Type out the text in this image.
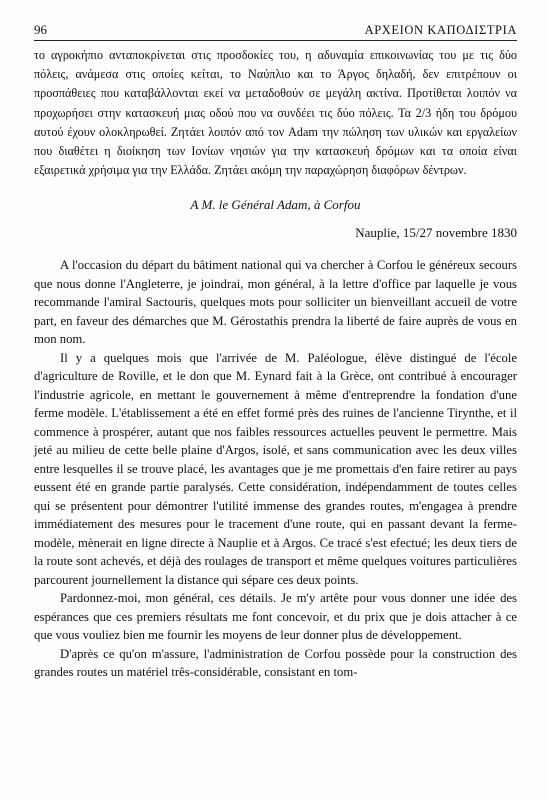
96	ΑΡΧΕΙΟΝ ΚΑΠΟΔΙΣΤΡΙΑ

το αγροκήπιο ανταποκρίνεται στις προσδοκίες του, η αδυναμία επικοινωνίας του με τις δύο πόλεις, ανάμεσα στις οποίες κείται, το Ναύπλιο και το Άργος δηλαδή, δεν επιτρέπουν οι προσπάθειες που καταβάλλονται εκεί να μεταδοθούν σε μεγάλη ακτίνα. Προτίθεται λοιπόν να προχωρήσει στην κατασκευή μιας οδού που να συνδέει τις δύο πόλεις. Τα 2/3 ήδη του δρόμου αυτού έχουν ολοκληρωθεί. Ζητάει λοιπόν από τον Adam την πώληση των υλικών και εργαλείων που διαθέτει η διοίκηση των Ιονίων νησιών για την κατασκευή δρόμων και τα οποία είναι εξαιρετικά χρήσιμα για την Ελλάδα. Ζητάει ακόμη την παραχώρηση διαφόρων δέντρων.

A M. le Général Adam, à Corfou

Nauplie, 15/27 novembre 1830

A l'occasion du départ du bâtiment national qui va chercher à Corfou le généreux secours que nous donne l'Angleterre, je joindrai, mon général, à la lettre d'office par laquelle je vous recommande l'amiral Sactouris, quelques mots pour solliciter un bienveillant accueil de votre part, en faveur des démarches que M. Gérostathis prendra la liberté de faire auprès de vous en mon nom.

Il y a quelques mois que l'arrivée de M. Paléologue, élève distingué de l'école d'agriculture de Roville, et le don que M. Eynard fait à la Grèce, ont contribué à encourager l'industrie agricole, en mettant le gouvernement à même d'entreprendre la fondation d'une ferme modèle. L'établissement a été en effet formé près des ruines de l'ancienne Tirynthe, et il commence à prospérer, autant que nos faibles ressources actuelles peuvent le permettre. Mais jeté au milieu de cette belle plaine d'Argos, isolé, et sans communication avec les deux villes entre lesquelles il se trouve placé, les avantages que je me promettais d'en faire retirer au pays eussent été en grande partie paralysés. Cette considération, indépendamment de toutes celles qui se présentent pour démontrer l'utilité immense des grandes routes, m'engagea à prendre immédiatement des mesures pour le tracement d'une route, qui en passant devant la ferme-modèle, mènerait en ligne directe à Nauplie et à Argos. Ce tracé s'est efectué; les deux tiers de la route sont achevés, et déjà des roulages de transport et même quelques voitures particulières parcourent journellement la distance qui sépare ces deux points.

Pardonnez-moi, mon général, ces détails. Je m'y artête pour vous donner une idée des espérances que ces premiers résultats me font concevoir, et du prix que je dois attacher à ce que vous vouliez bien me fournir les moyens de leur donner plus de développement.

D'après ce qu'on m'assure, l'administration de Corfou possède pour la construction des grandes routes un matériel três-considérable, consistant en tom-
